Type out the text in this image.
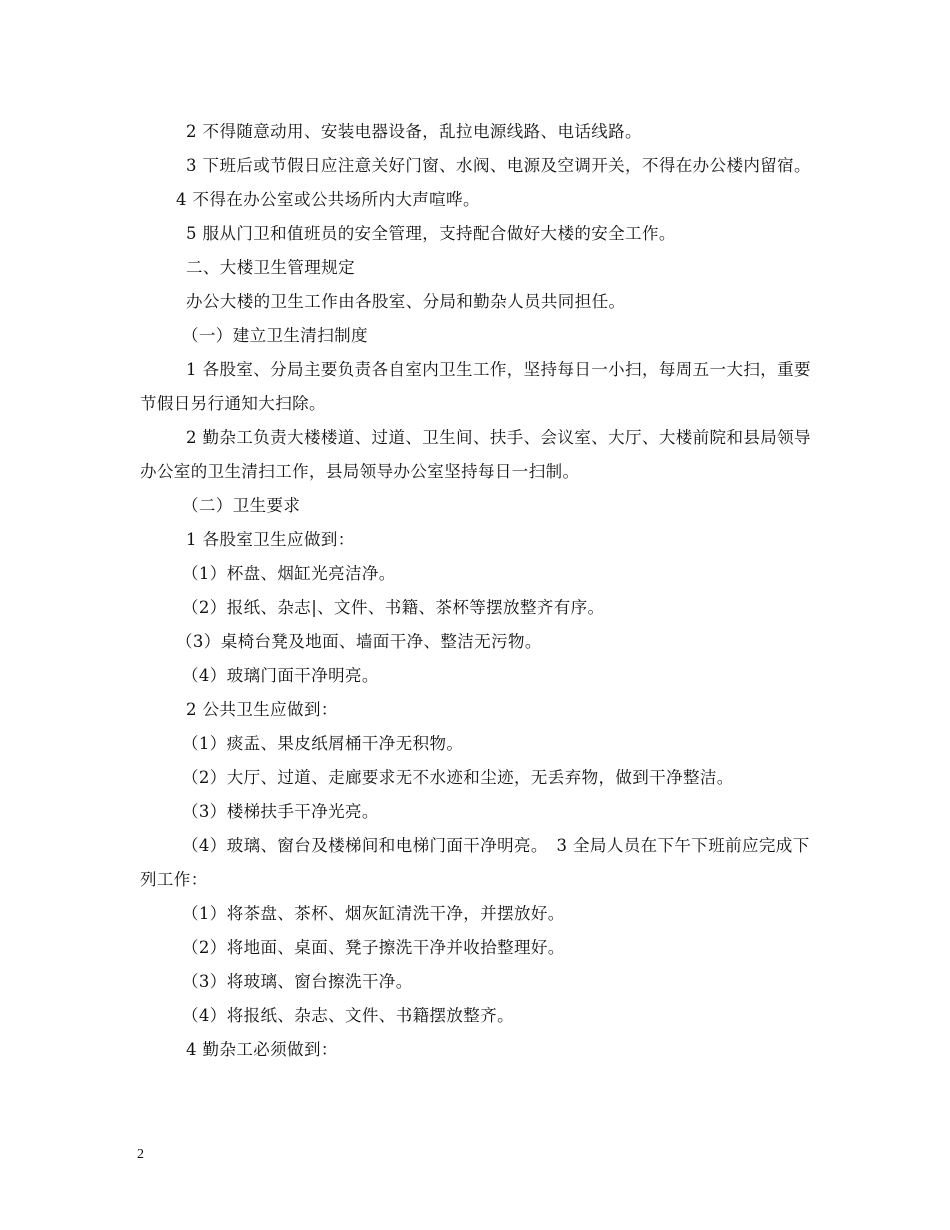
2 不得随意动用、安装电器设备，乱拉电源线路、电话线路。

3 下班后或节假日应注意关好门窗、水阀、电源及空调开关，不得在办公楼内留宿。

4 不得在办公室或公共场所内大声喧哗。

5 服从门卫和值班员的安全管理，支持配合做好大楼的安全工作。

二、大楼卫生管理规定

办公大楼的卫生工作由各股室、分局和勤杂人员共同担任。

（一）建立卫生清扫制度

1 各股室、分局主要负责各自室内卫生工作，坚持每日一小扫，每周五一大扫，重要节假日另行通知大扫除。

2 勤杂工负责大楼楼道、过道、卫生间、扶手、会议室、大厅、大楼前院和县局领导办公室的卫生清扫工作，县局领导办公室坚持每日一扫制。

（二）卫生要求

1 各股室卫生应做到：

（1）杯盘、烟缸光亮洁净。

（2）报纸、杂志|、文件、书籍、茶杯等摆放整齐有序。

（3）桌椅台凳及地面、墙面干净、整洁无污物。

（4）玻璃门面干净明亮。

2 公共卫生应做到：

（1）痰盂、果皮纸屑桶干净无积物。

（2）大厅、过道、走廊要求无不水迹和尘迹，无丢弃物，做到干净整洁。

（3）楼梯扶手干净光亮。

（4）玻璃、窗台及楼梯间和电梯门面干净明亮。　3 全局人员在下午下班前应完成下列工作：

（1）将茶盘、茶杯、烟灰缸清洗干净，并摆放好。

（2）将地面、桌面、凳子擦洗干净并收拾整理好。

（3）将玻璃、窗台擦洗干净。

（4）将报纸、杂志、文件、书籍摆放整齐。

4 勤杂工必须做到：

2
